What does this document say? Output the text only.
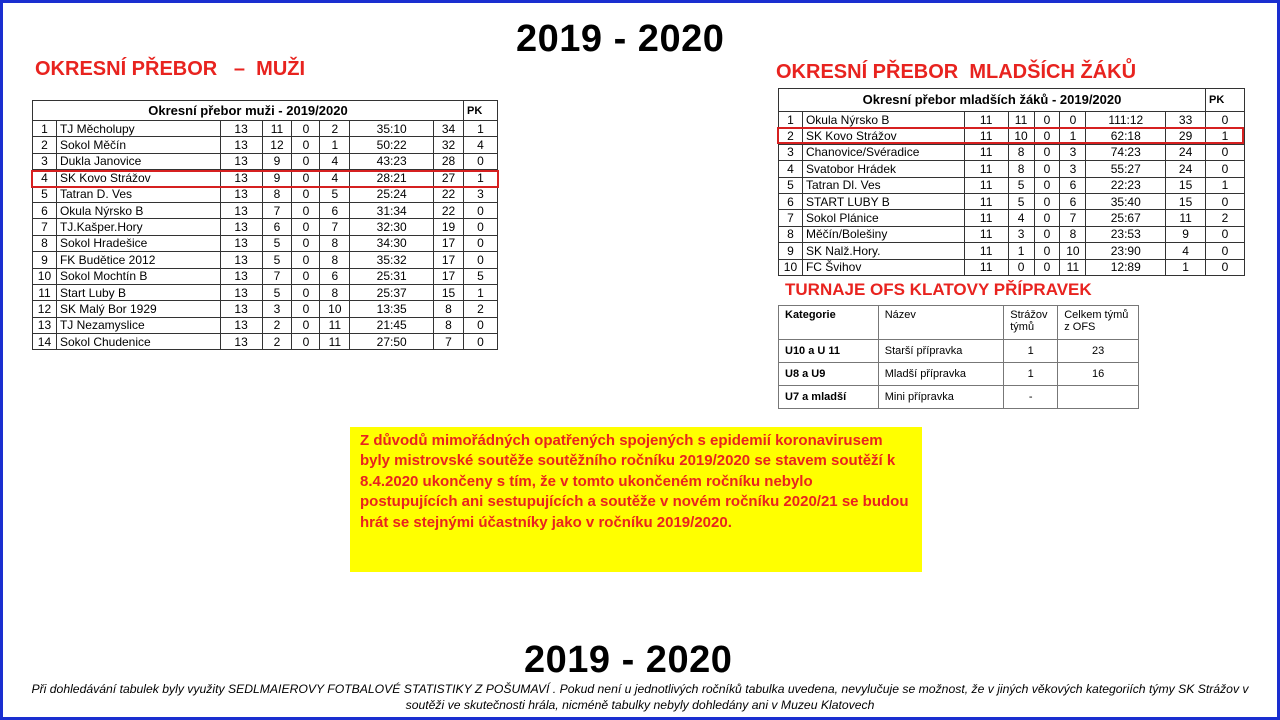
2019 - 2020
OKRESNÍ PŘEBOR   –  MUŽI
Okresní přebor muži - 2019/2020								PK
1	TJ Měcholupy	13	11	0	2	35:10	34	1
2	Sokol Měčín	13	12	0	1	50:22	32	4
3	Dukla Janovice	13	9	0	4	43:23	28	0
4	SK Kovo Strážov	13	9	0	4	28:21	27	1
5	Tatran D. Ves	13	8	0	5	25:24	22	3
6	Okula Nýrsko B	13	7	0	6	31:34	22	0
7	TJ.Kašper.Hory	13	6	0	7	32:30	19	0
8	Sokol Hradešice	13	5	0	8	34:30	17	0
9	FK Budětice 2012	13	5	0	8	35:32	17	0
10	Sokol Mochtín B	13	7	0	6	25:31	17	5
11	Start Luby B	13	5	0	8	25:37	15	1
12	SK Malý Bor 1929	13	3	0	10	13:35	8	2
13	TJ Nezamyslice	13	2	0	11	21:45	8	0
14	Sokol Chudenice	13	2	0	11	27:50	7	0
OKRESNÍ PŘEBOR  MLADŠÍCH ŽÁKŮ
Okresní přebor mladších žáků - 2019/2020								PK
1	Okula Nýrsko B	11	11	0	0	111:12	33	0
2	SK Kovo Strážov	11	10	0	1	62:18	29	1
3	Chanovice/Svéradice	11	8	0	3	74:23	24	0
4	Svatobor Hrádek	11	8	0	3	55:27	24	0
5	Tatran Dl. Ves	11	5	0	6	22:23	15	1
6	START LUBY B	11	5	0	6	35:40	15	0
7	Sokol Plánice	11	4	0	7	25:67	11	2
8	Měčín/Bolešiny	11	3	0	8	23:53	9	0
9	SK Nalž.Hory.	11	1	0	10	23:90	4	0
10	FC Švihov	11	0	0	11	12:89	1	0
TURNAJE OFS KLATOVY PŘÍPRAVEK
Kategorie	Název	Strážov týmů	Celkem týmů z OFS
U10 a U 11	Starší přípravka	1	23
U8 a U9	Mladší přípravka	1	16
U7 a mladší	Mini přípravka	-	
Z důvodů mimořádných opatřených spojených s epidemií koronavirusem byly mistrovské soutěže soutěžního ročníku 2019/2020 se stavem soutěží k 8.4.2020 ukončeny s tím, že v tomto ukončeném ročníku nebylo postupujících ani sestupujících a soutěže v novém ročníku 2020/21 se budou hrát se stejnými účastníky jako v ročníku 2019/2020.
2019 - 2020
Při dohledávání tabulek byly využity SEDLMAIEROVY FOTBALOVÉ STATISTIKY Z POŠUMAVÍ . Pokud není u jednotlivých ročníků tabulka uvedena, nevylučuje se možnost, že v jiných věkových kategoriích týmy SK Strážov v soutěži ve skutečnosti hrála, nicméně tabulky nebyly dohledány ani v Muzeu Klatovech
